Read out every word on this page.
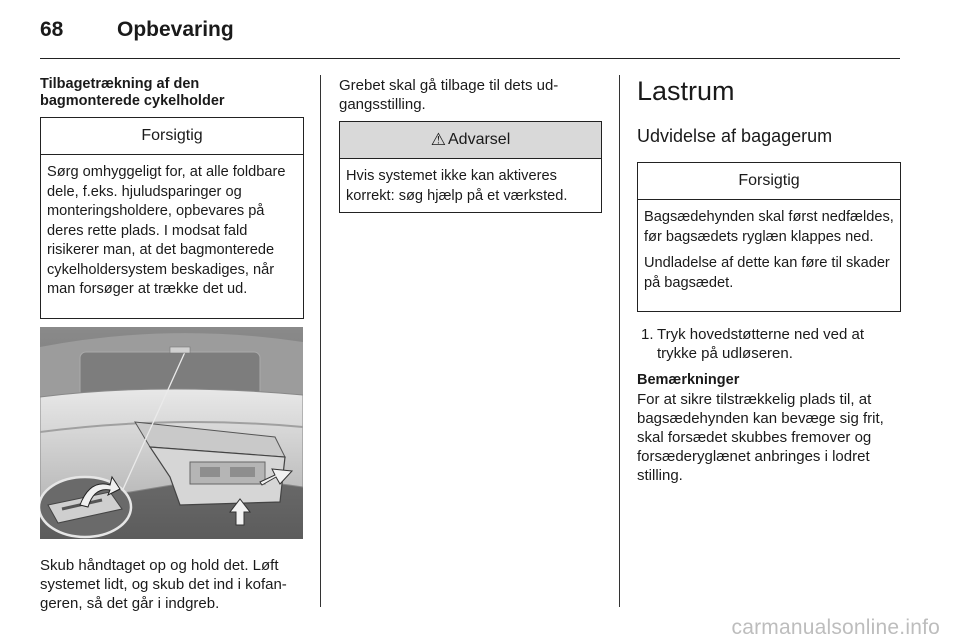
68	Opbevaring

Tilbagetrækning af den bagmonterede cykelholder

Forsigtig
Sørg omhyggeligt for, at alle foldbare dele, f.eks. hjuludsparinger og monteringsholdere, opbevares på deres rette plads. I modsat fald risikerer man, at det bagmonterede cykelholdersystem beskadiges, når man forsøger at trække det ud.

Skub håndtaget op og hold det. Løft systemet lidt, og skub det ind i kofangeren, så det går i indgreb.

Grebet skal gå tilbage til dets udgangsstilling.

⚠ Advarsel
Hvis systemet ikke kan aktiveres korrekt: søg hjælp på et værksted.

Lastrum

Udvidelse af bagagerum

Forsigtig

Bagsædehynden skal først nedfældes, før bagsædets ryglæn klappes ned.

Undladelse af dette kan føre til skader på bagsædet.

1. Tryk hovedstøtterne ned ved at trykke på udløseren.

Bemærkninger

For at sikre tilstrækkelig plads til, at bagsædehynden kan bevæge sig frit, skal forsædet skubbes fremover og forsæderyglænet anbringes i lodret stilling.

carmanualsonline.info
